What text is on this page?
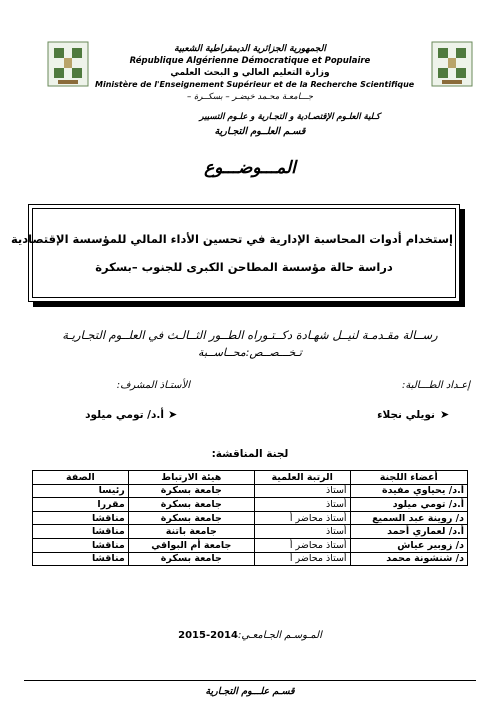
الجمهورية الجزائرية الديمقراطية الشعبية
République Algérienne Démocratique et Populaire
وزارة التعليم العالي و البحث العلمي
Ministère de l'Enseignement Supérieur et de la Recherche Scientifique
جـــامعـة محـمد خيضـر – بسكــرة –
كـلية العلـوم الإقتصـادية و التجـارية و علـوم التسيير
قسـم العلــوم التجـارية
المـــوضـــوع
إستخدام أدوات المحاسبة الإدارية في تحسين الأداء المالي للمؤسسة الإقتصادية
دراسة حالة مؤسسة المطاحن الكبرى للجنوب –بسكرة
رســالة مقـدمـة لنيــل شهـادة دكــتـوراه الطــور الثــالـث في العلــوم التجـاريـة
تـخـــصــص:محــاســبة
إعـداد الطـــالبة:
الأستـاذ المشرف:
➤
نويلي نجلاء
➤
أ.د/ تومي ميلود
لجنة المناقشة:
أعضاء اللجنة	الرتبة العلمية	هيئة الارتباط	الصفة
أ.د/ يحياوي مفيدة	أستاذ	جامعة بسكرة	رئيسا
أ.د/ تومي ميلود	أستاذ	جامعة بسكرة	مقررا
د/ روينة عبد السميع	أستاذ محاضر أ	جامعة بسكرة	مناقشا
أ.د/ لعماري أحمد	أستاذ	جامعة باتنة	مناقشا
د/ زوبير عياش	أستاذ محاضر أ	جامعة أم البواقي	مناقشا
د/ شنشونة محمد	أستاذ محاضر أ	جامعة بسكرة	مناقشا
المـوسـم الجـامعـي:2015-2014
قسـم علـــوم التجـارية
